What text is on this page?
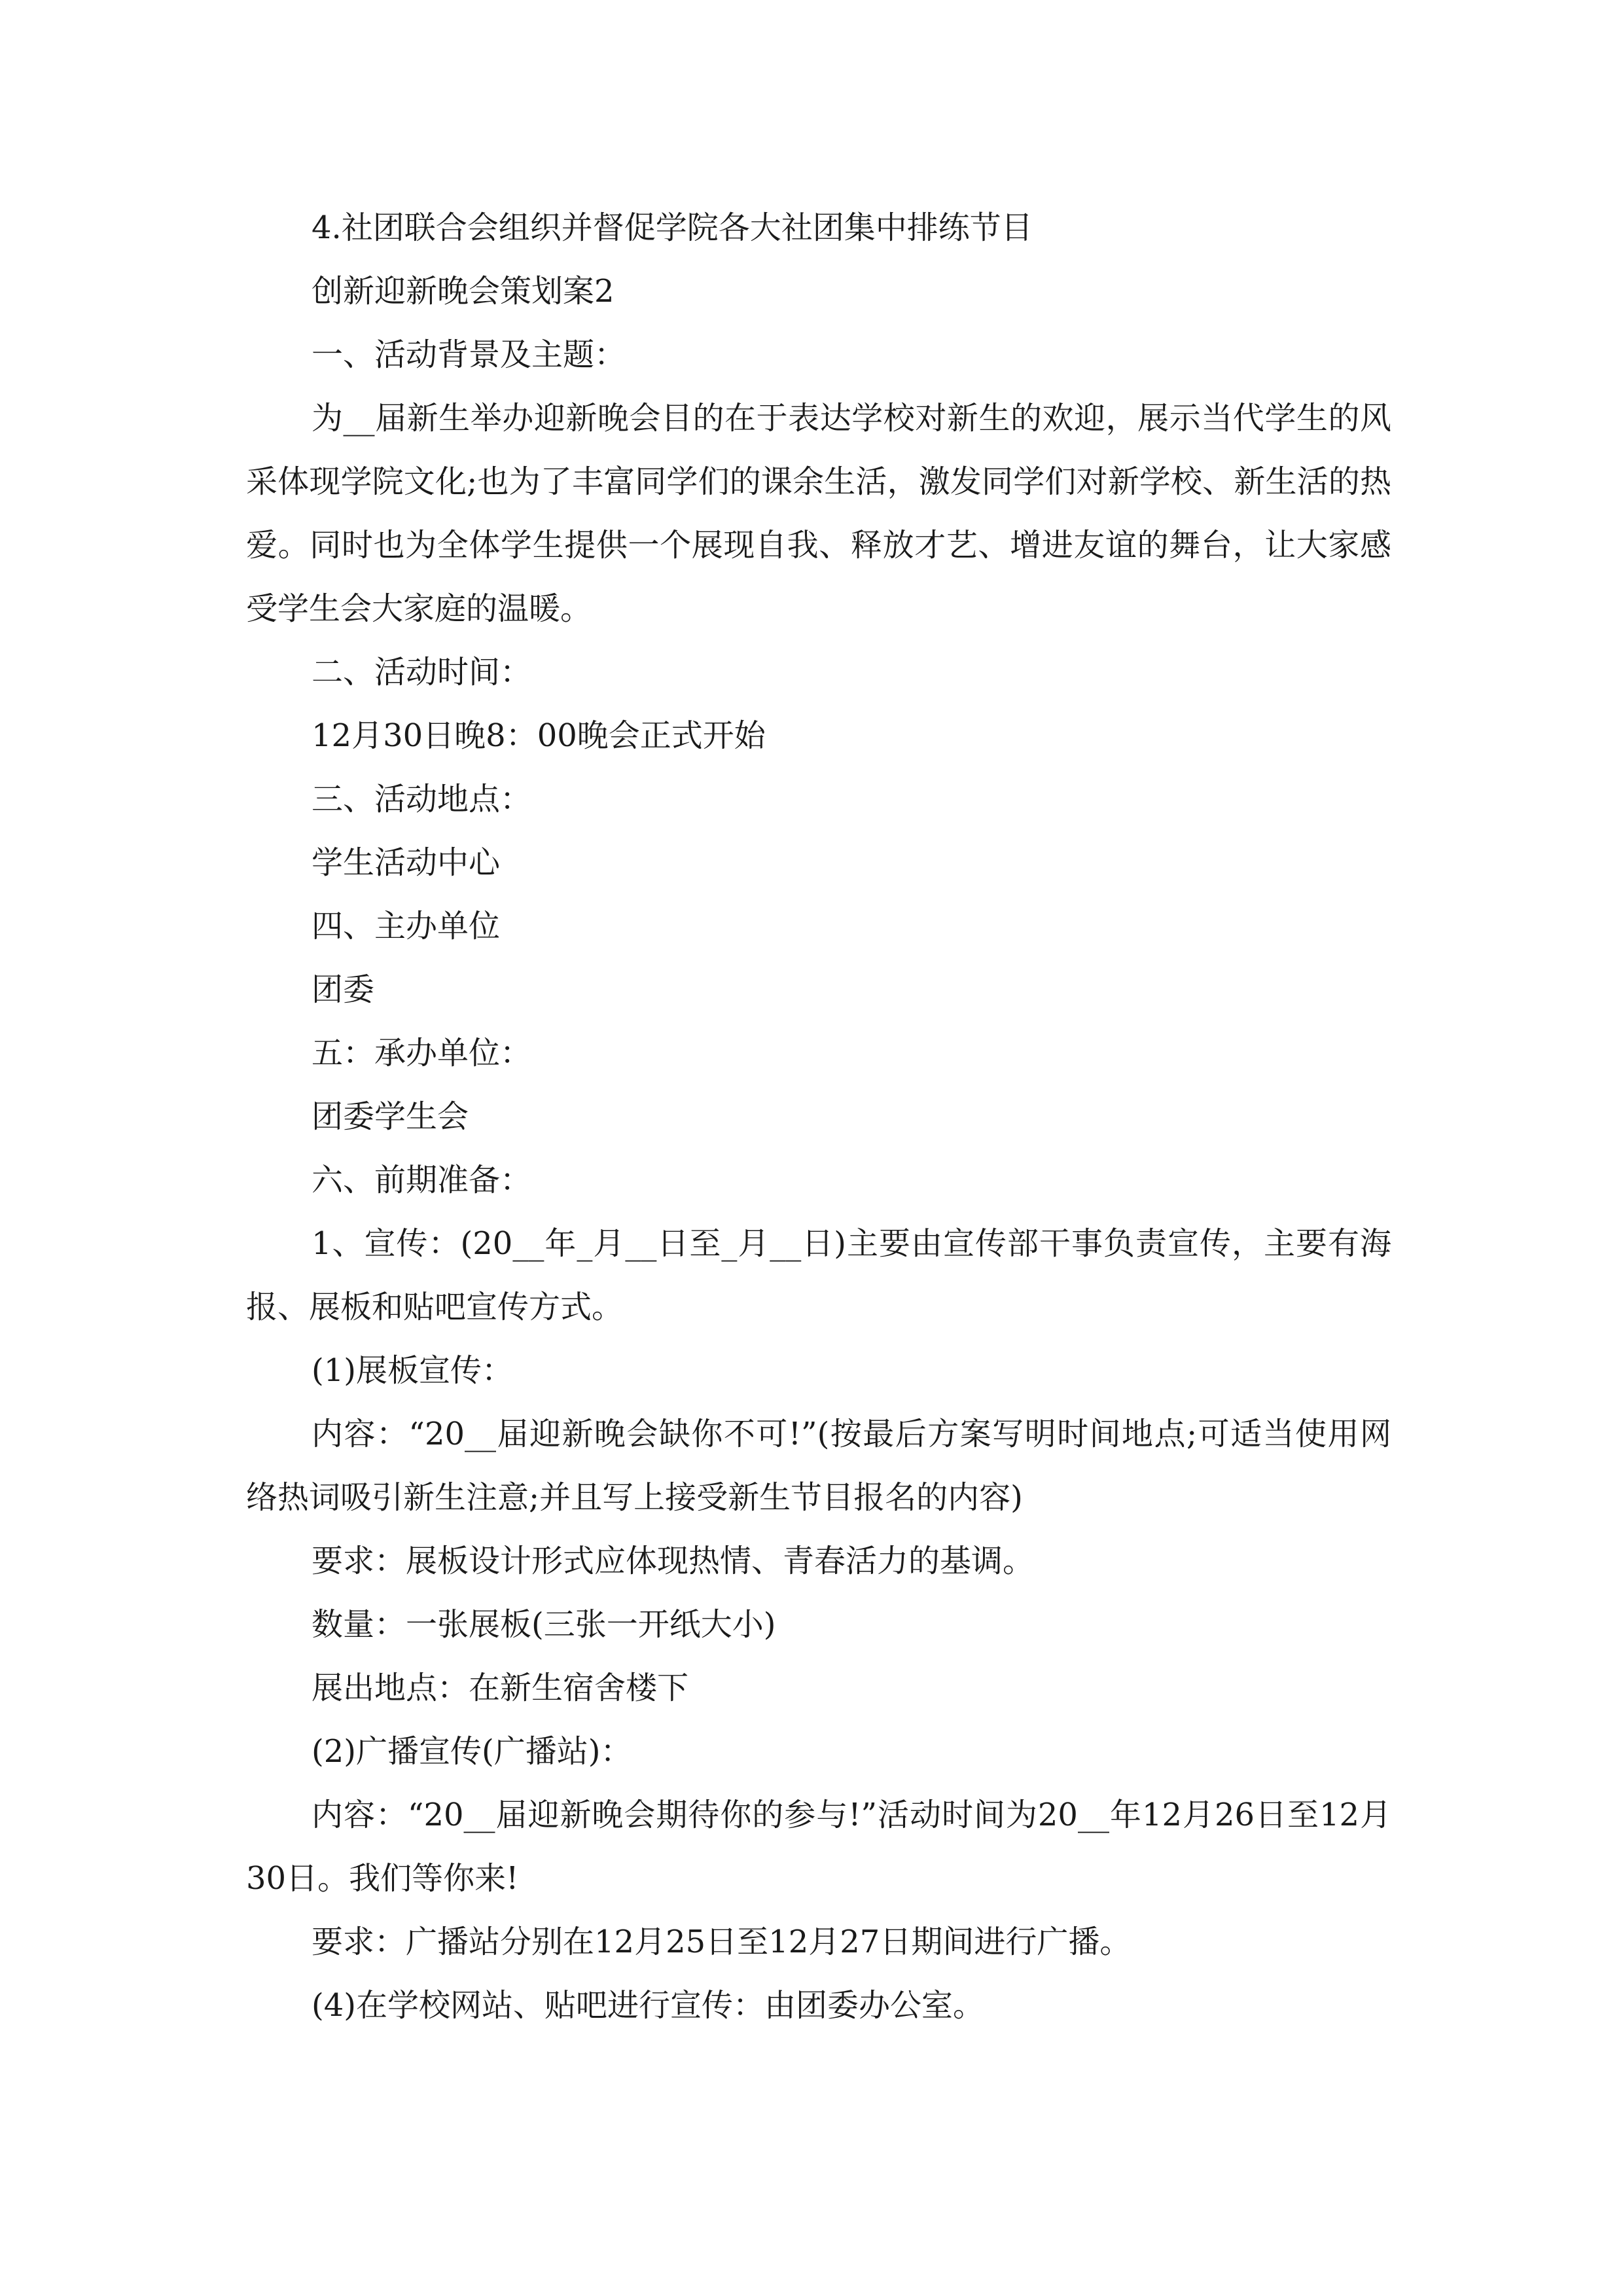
4.社团联合会组织并督促学院各大社团集中排练节目

创新迎新晚会策划案2

一、活动背景及主题：

为__届新生举办迎新晚会目的在于表达学校对新生的欢迎，展示当代学生的风采体现学院文化;也为了丰富同学们的课余生活，激发同学们对新学校、新生活的热爱。同时也为全体学生提供一个展现自我、释放才艺、增进友谊的舞台，让大家感受学生会大家庭的温暖。

二、活动时间：

12月30日晚8：00晚会正式开始

三、活动地点：

学生活动中心

四、主办单位

团委

五：承办单位：

团委学生会

六、前期准备：

1、宣传：(20__年_月__日至_月__日)主要由宣传部干事负责宣传，主要有海报、展板和贴吧宣传方式。

(1)展板宣传：

内容：“20__届迎新晚会缺你不可!”(按最后方案写明时间地点;可适当使用网络热词吸引新生注意;并且写上接受新生节目报名的内容)

要求：展板设计形式应体现热情、青春活力的基调。

数量：一张展板(三张一开纸大小)

展出地点：在新生宿舍楼下

(2)广播宣传(广播站)：

内容：“20__届迎新晚会期待你的参与!”活动时间为20__年12月26日至12月30日。我们等你来!

要求：广播站分别在12月25日至12月27日期间进行广播。

(4)在学校网站、贴吧进行宣传：由团委办公室。
